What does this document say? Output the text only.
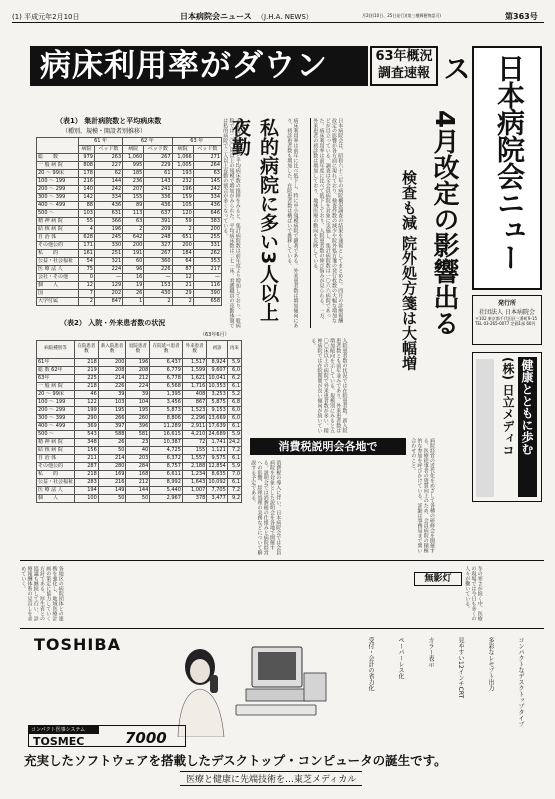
(1) 平成元年2月10日	日本病院会ニュース （J.H.A. NEWS）	月2回(10日、25日発行)(第三種郵便物認可)	第363号
日本病院会ニュース
発行所
社団法人 日本病院会
〒102 東京都千代田区三番町9-15 TEL 03-265-0077 定価1部 60円
病床利用率がダウン	63年概況
調査速報
（表1） 集計病院数と平均病床数
（種別、規模・開設者別推移）
	61 年		62 年		63 年	
	病院	ベッド数	病院	ベッド数	病院	ベッド数
総　　数	979	263	1,060	267	1,066	271
一 般 病 院	808	227	995	229	1,005	264
20 ～ 99床	178	62	185	61	193	63
100 ～ 199	216	144	236	143	232	145
200 ～ 299	140	242	207	241	196	242
300 ～ 399	142	334	155	336	159	334
400 ～ 499	88	436	89	436	105	436
500 ～	103	631	113	637	120	646
精 神 病 院	55	366	63	391	59	383
結 核 病 院	4	196	2	209	2	200
自 治 体	628	245	642	248	651	255
その他公的	171	330	200	327	200	331
私　　的	161	251	191	267	184	262
公益・社会福祉	54	321	60	360	64	353
医 療 法 人	75	224	96	226	87	217
会社・その他	0	—	16	—	12	—
個　　人	12	129	19	153	21	116
国	7	202	26	430	29	390
大学付属	2	847	1	2	2	658
（表2） 入院・外来患者数の状況
（63年6月）
病院種別等	在院患者数	新入院患者数	退院患者数	在院延べ患者数	外来患者数	初診	再来
61年	218	200	196	6,437	1,517	8,924	5,9
総 数 62年	219	208	208	6,779	1,599	9,607	6,0
63年	225	214	212	6,778	1,621	10,041	6,2
一 般 病 院	218	226	224	6,568	1,716	10,353	6,1
20 ～ 99床	46	39	39	1,395	408	3,253	5,2
100 ～ 199	122	103	104	3,456	867	5,875	6,8
200 ～ 299	199	195	195	5,873	1,523	9,153	6,0
300 ～ 399	290	266	260	8,806	2,296	13,669	6,0
400 ～ 499	369	397	396	11,289	2,911	17,639	6,1
500 ～	543	588	581	16,615	4,210	24,689	5,9
精 神 病 院	348	26	23	10,387	72	1,741	24,2
結 核 病 院	156	50	40	4,725	155	1,121	7,2
自 治 体	211	214	203	6,372	1,557	9,575	6,1
その他公的	287	280	284	8,757	2,188	12,854	5,9
私　　的	218	169	168	6,611	1,234	8,635	7,0
公益・社会福祉	283	216	212	8,992	1,643	10,092	6,1
医 療 法 人	194	149	144	5,440	1,007	7,705	7,2
個　　人	100	50	50	2,967	378	3,477	9,2
私的病院に多い3人以上夜勤
表１集計病院数と平均病床数の推移をみると、集計病院数は前年度より増加しており、一般病院では二〇〇床以上の規模で増加がみられた。平均病床数は二七一床。看護職員の夜勤体制では私的病院で三人以上夜勤の割合が多くなっている。	病床利用率は前年に比べ低下し、特に中小規模病院で顕著である。外来患者数は増加傾向にあり、初診患者数も増加した。在院患者数は横ばいで推移している。	4月改定の影響出る
検査も減 院外処方箋は大幅増
日本病院会は、昭和六十三年の病院概況調査の結果を速報としてまとめた。四月の診療報酬改定の影響が各方面に現れており、検査件数の減少や院外処方箋の発行枚数の大幅な増加などが目立っている。調査は全会員病院を対象に実施し、集計病院数は一〇六六病院であった。病床利用率は前年度に比べて低下しており、入院患者数の伸び悩みが見られる。一方、外来患者の初診数は増加しており、地域医療の動向を反映している。
消費税説明会各地で
消費税の導入に伴い、日本病院会では会員病院を対象とした説明会を各地で開催する。説明会では消費税の仕組みと病院経営への影響、経理処理の実務などについて解説する予定である。
入院患者数の状況では在院患者数、新入院患者数とも前年並みであり、外来患者数は増加傾向を示している。規模別にみると五〇〇床以上の病院で外来患者数が多い。精神病院では在院期間が長い傾向が続いている。
健康とともに歩む
(株) 日立メディコ
病院経営の近代化をめざして各種の研修会を開催する。医療従事者の資質向上のため、会員病院の積極的な参加を呼びかけている。詳細は事務局まで問い合わせのこと。
各地区の病院団体との連携を強化し、地域医療計画の策定に協力していく方針である。厚生省との協議も継続して行い、診療報酬体系の見直しを求めていく。	無影灯	冬の寒さが続く中、医療の現場では今日も多くの人々が働いている。
TOSHIBA	コンパクトなデスクトップタイプ
多彩なレセプト出力
見やすい12インチCRT
カラー表示
ペーパーレス化
受付・会計の省力化
コンパクト医事システム
TOSMEC	7000
充実したソフトウェアを搭載したデスクトップ・コンピュータの誕生です。
医療と健康に先端技術を…東芝メディカル
